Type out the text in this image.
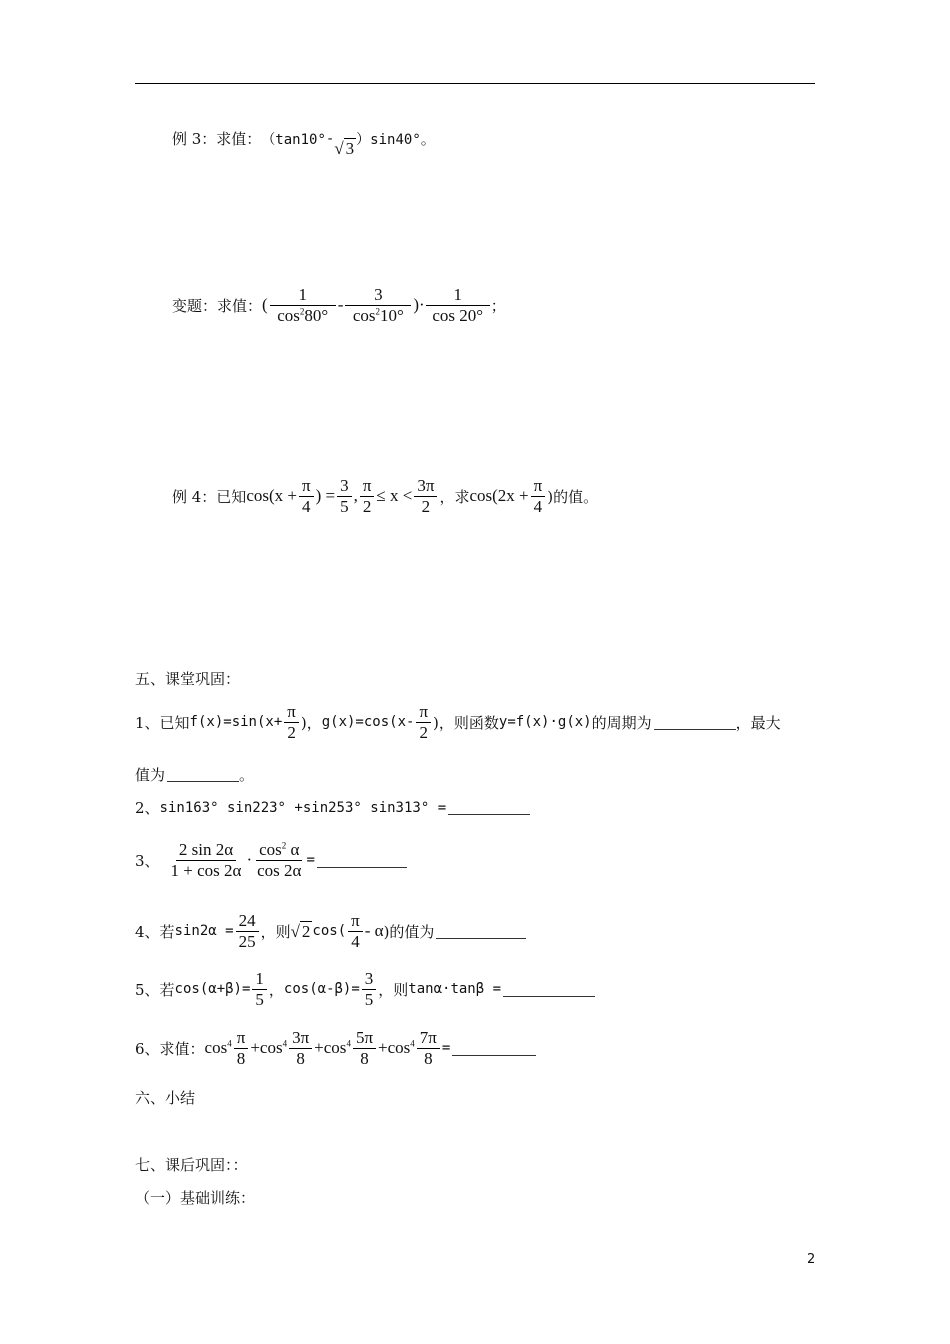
例 3：求值： （tan10° -
√ 3 ）sin40° 。
变题：求值： ( $\frac{1}{\cos^280^\circ} - \frac{3}{\cos^210^\circ}$ ) · $\frac{1}{\cos 20^\circ}$ ；
例 4：已知 $\cos(x + \frac{\pi}{4}$ ) = $\frac{3}{5}$ , $\frac{\pi}{2} \le x < \frac{3\pi}{2}$ ，求 $\cos(2x + \frac{\pi}{4}$ )的值。
五、课堂巩固：
1、已知 $f(x)=\sin(x+ \frac{\pi}{2}$ )， $g(x)=\cos(x- \frac{\pi}{2}$ )，则函数 y=f(x)·g(x) 的周期为	，最大
值为	。
2、 sin163° sin223° +sin253° sin313° =
3、 $\frac{2 \sin 2\alpha}{1 + \cos 2\alpha} \cdot \frac{\cos^2 \alpha}{\cos 2\alpha}$ =
4、若 $\sin 2\alpha = \frac{24}{25}$ ，则 √ 2 $\cos( \frac{\pi}{4}$ - α )的值为
5、若 $\cos(\alpha+\beta)= \frac{1}{5}$ ， $\cos(\alpha-\beta)= \frac{3}{5}$ ，则 tanα·tanβ =
6、求值： $\cos^4 \frac{\pi}{8} + \cos^4 \frac{3\pi}{8} + \cos^4 \frac{5\pi}{8} + \cos^4 \frac{7\pi}{8}$ =
六、小结
七、课后巩固：：
（一）基础训练：
2
